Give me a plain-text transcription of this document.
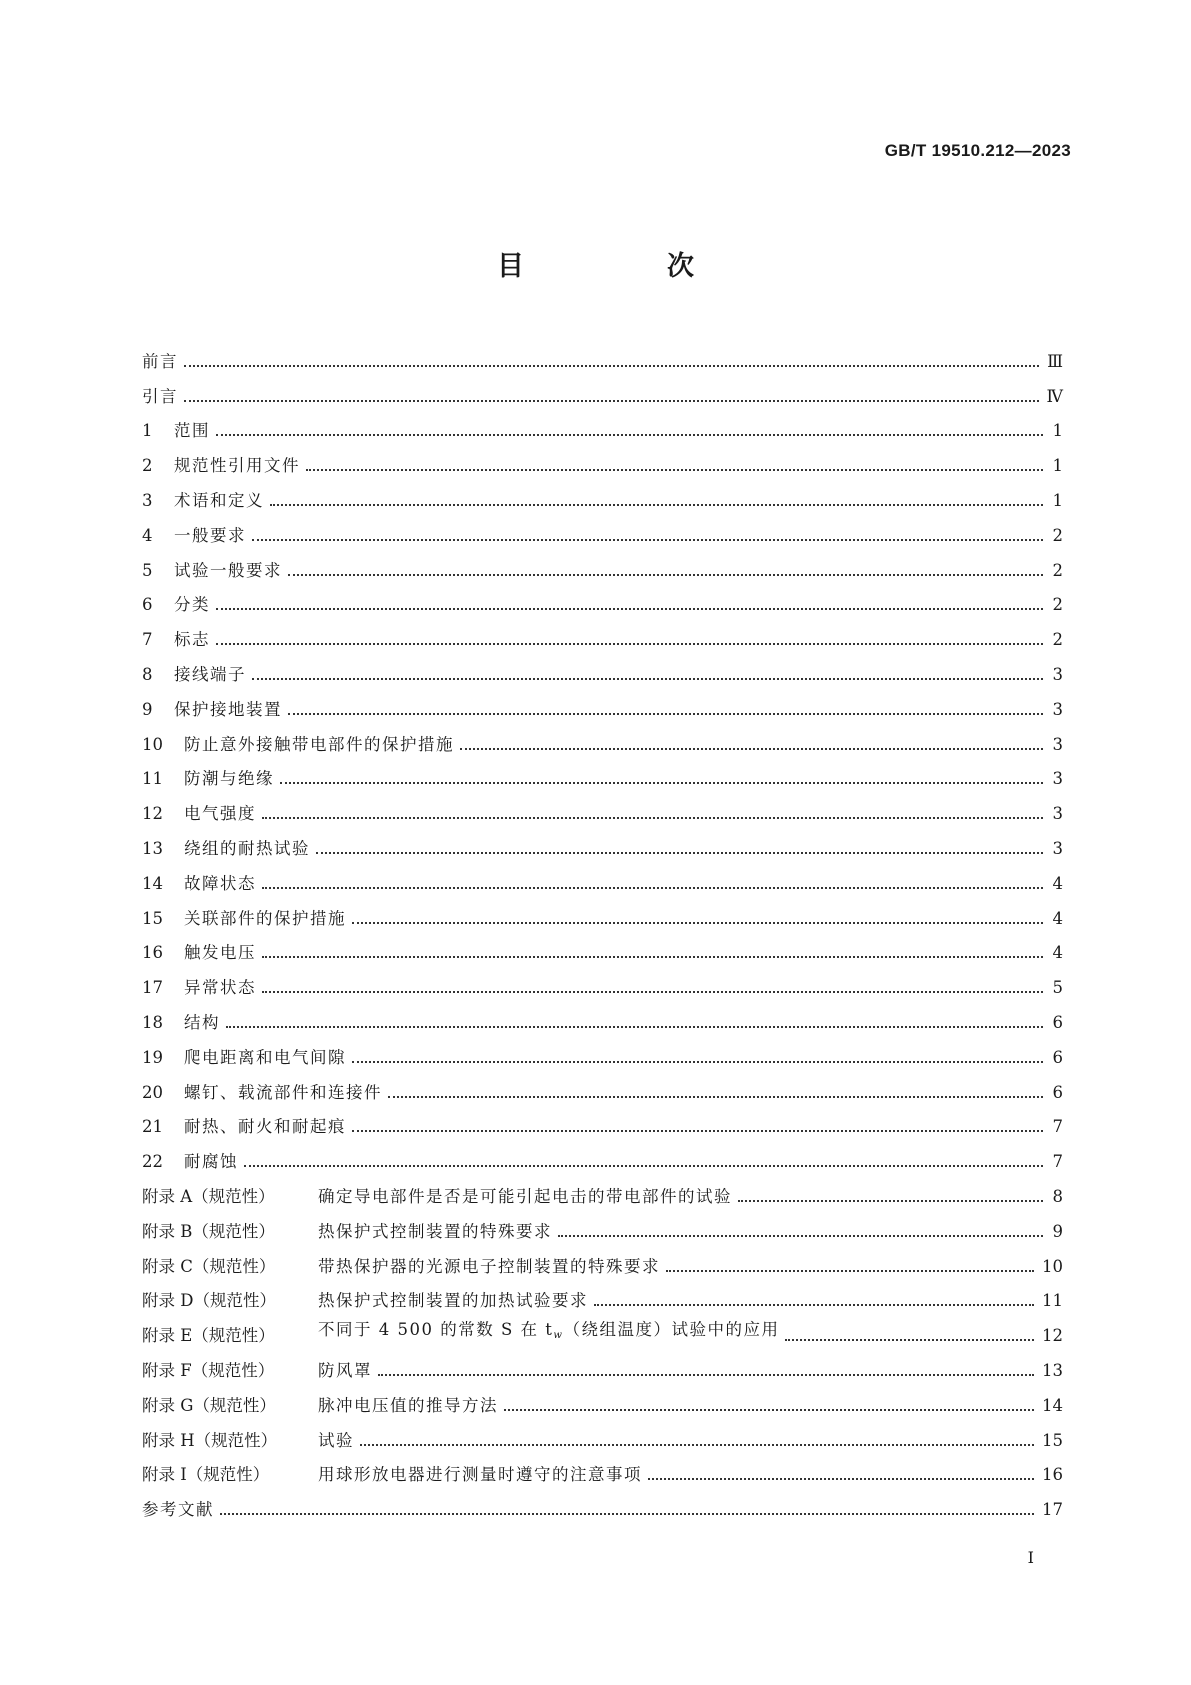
GB/T 19510.212—2023
目　次
前言	Ⅲ
引言	Ⅳ
1	范围	1
2	规范性引用文件	1
3	术语和定义	1
4	一般要求	2
5	试验一般要求	2
6	分类	2
7	标志	2
8	接线端子	3
9	保护接地装置	3
10	防止意外接触带电部件的保护措施	3
11	防潮与绝缘	3
12	电气强度	3
13	绕组的耐热试验	3
14	故障状态	4
15	关联部件的保护措施	4
16	触发电压	4
17	异常状态	5
18	结构	6
19	爬电距离和电气间隙	6
20	螺钉、载流部件和连接件	6
21	耐热、耐火和耐起痕	7
22	耐腐蚀	7
附录 A（规范性）	确定导电部件是否是可能引起电击的带电部件的试验	8
附录 B（规范性）	热保护式控制装置的特殊要求	9
附录 C（规范性）	带热保护器的光源电子控制装置的特殊要求	10
附录 D（规范性）	热保护式控制装置的加热试验要求	11
附录 E（规范性）	不同于 4 500 的常数 S 在 $t_w$（绕组温度）试验中的应用	12
附录 F（规范性）	防风罩	13
附录 G（规范性）	脉冲电压值的推导方法	14
附录 H（规范性）	试验	15
附录 I（规范性）	用球形放电器进行测量时遵守的注意事项	16
参考文献	17
I
